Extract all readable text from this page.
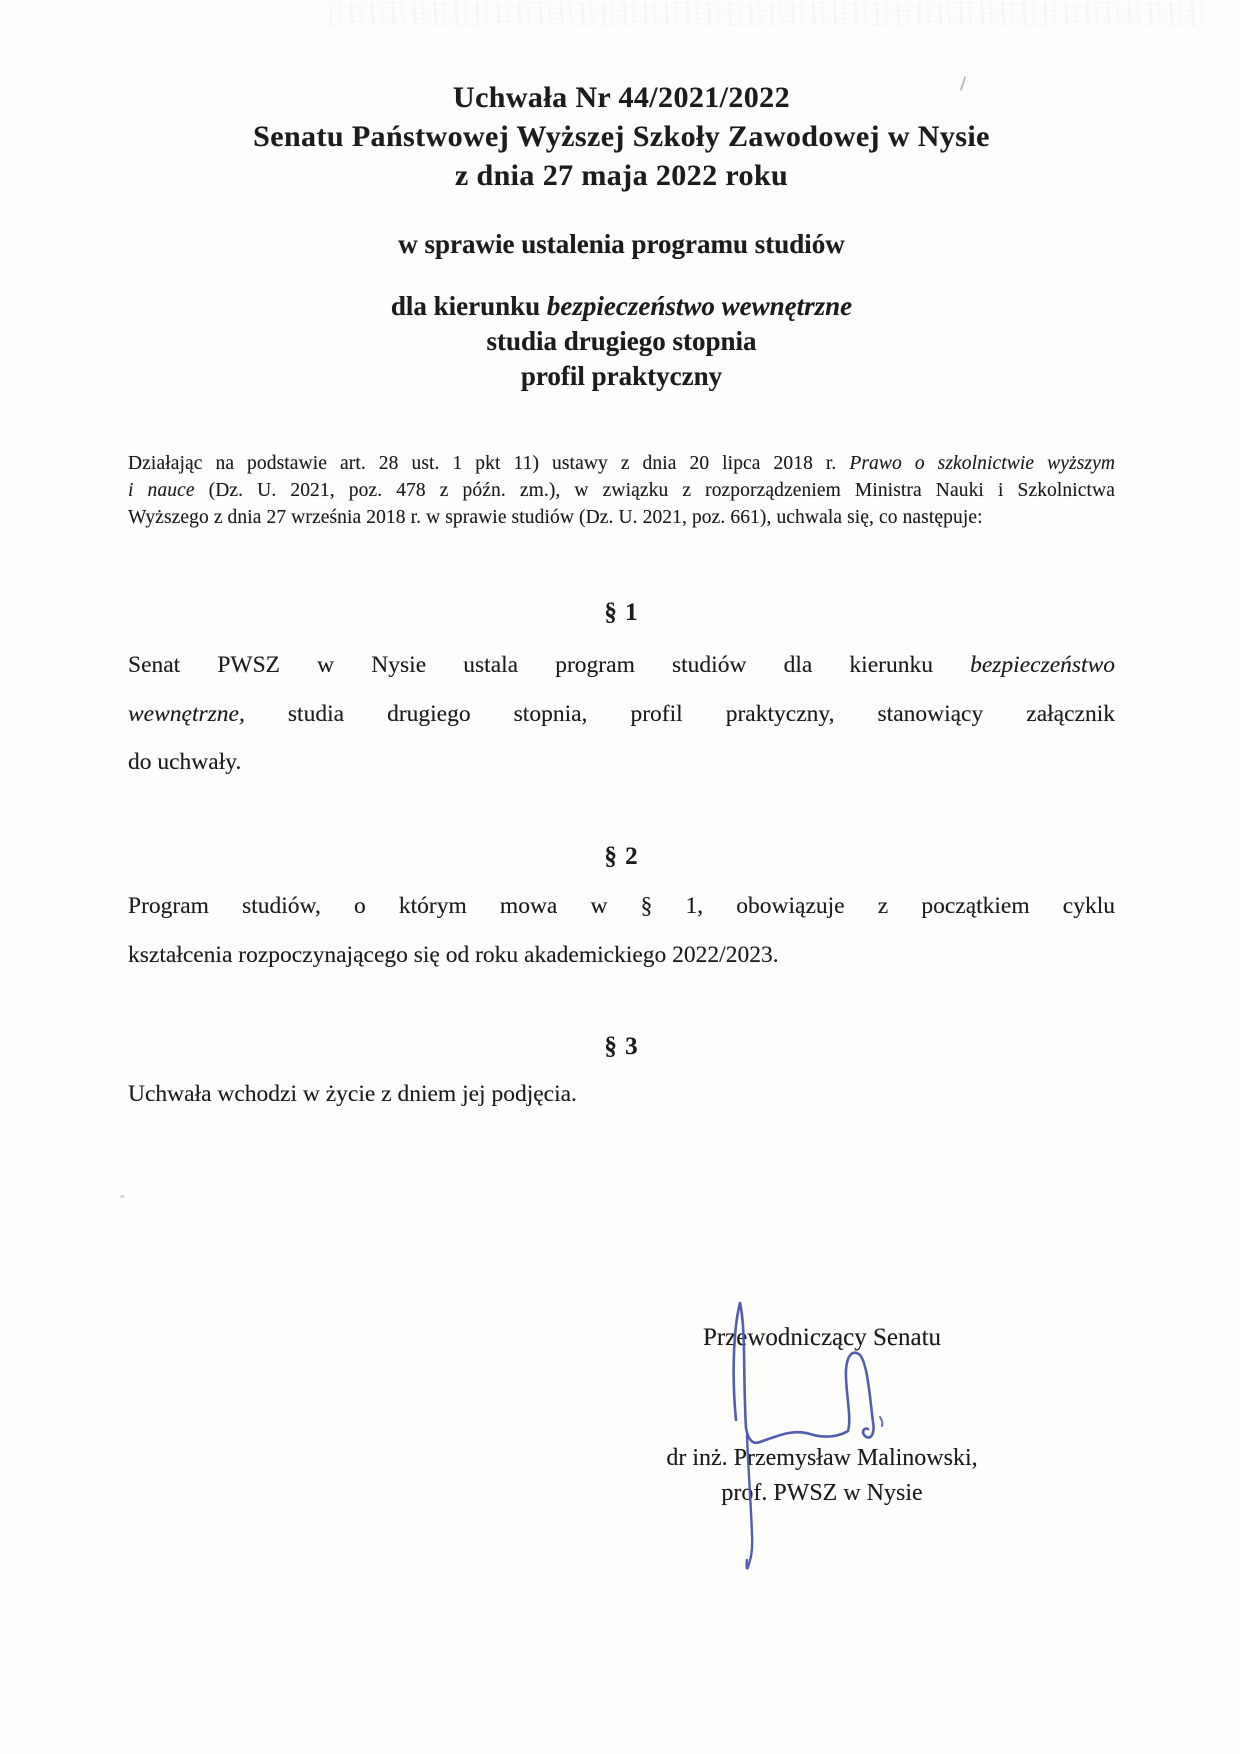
Uchwała Nr 44/2021/2022
Senatu Państwowej Wyższej Szkoły Zawodowej w Nysie
z dnia 27 maja 2022 roku
w sprawie ustalenia programu studiów
dla kierunku bezpieczeństwo wewnętrzne
studia drugiego stopnia
profil praktyczny
Działając na podstawie art. 28 ust. 1 pkt 11) ustawy z dnia 20 lipca 2018 r. Prawo o szkolnictwie wyższym
i nauce (Dz. U. 2021, poz. 478 z późn. zm.), w związku z rozporządzeniem Ministra Nauki i Szkolnictwa
Wyższego z dnia 27 września 2018 r. w sprawie studiów (Dz. U. 2021, poz. 661), uchwala się, co następuje:
§ 1
Senat PWSZ w Nysie ustala program studiów dla kierunku bezpieczeństwo
wewnętrzne, studia drugiego stopnia, profil praktyczny, stanowiący załącznik
do uchwały.
§ 2
Program studiów, o którym mowa w § 1, obowiązuje z początkiem cyklu
kształcenia rozpoczynającego się od roku akademickiego 2022/2023.
§ 3
Uchwała wchodzi w życie z dniem jej podjęcia.
Przewodniczący Senatu
dr inż. Przemysław Malinowski,
prof. PWSZ w Nysie
